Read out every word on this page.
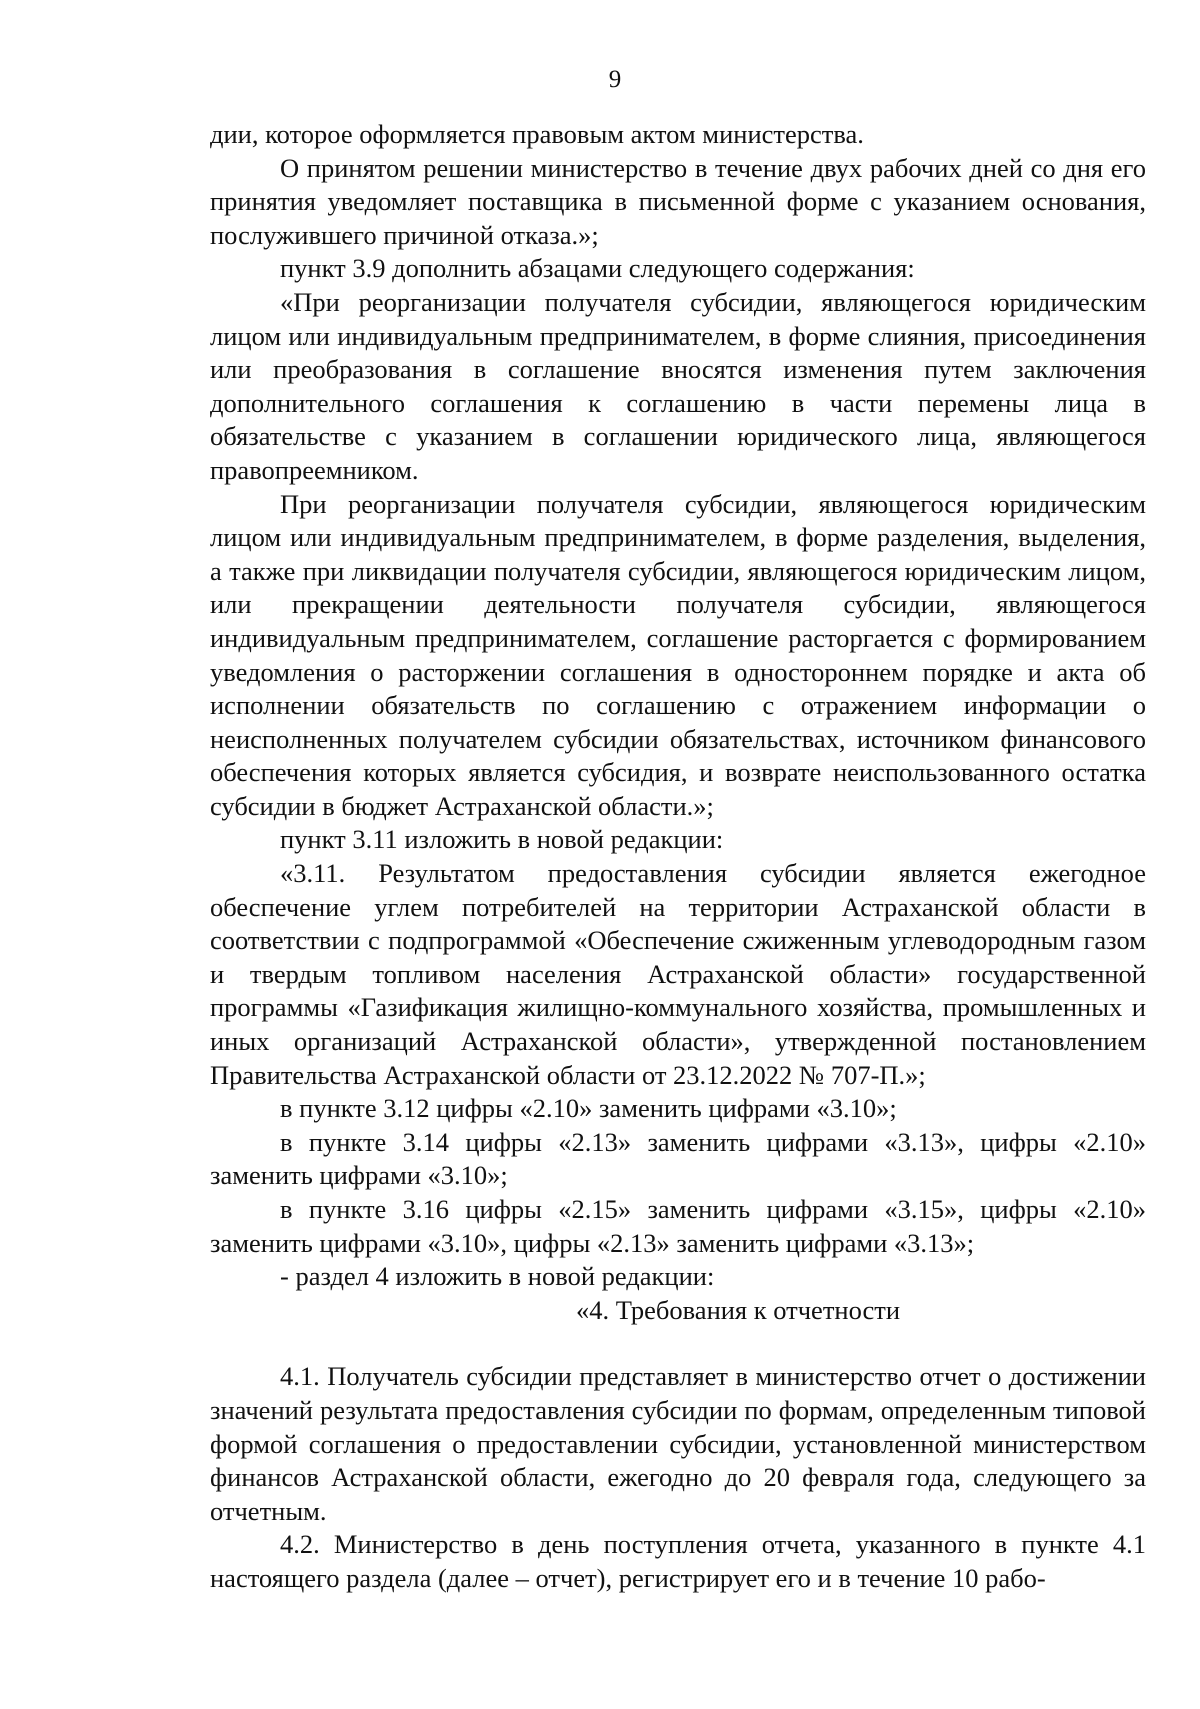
9

дии, которое оформляется правовым актом министерства.

О принятом решении министерство в течение двух рабочих дней со дня его принятия уведомляет поставщика в письменной форме с указанием основания, послужившего причиной отказа.»;

пункт 3.9 дополнить абзацами следующего содержания:

«При реорганизации получателя субсидии, являющегося юридическим лицом или индивидуальным предпринимателем, в форме слияния, присоединения или преобразования в соглашение вносятся изменения путем заключения дополнительного соглашения к соглашению в части перемены лица в обязательстве с указанием в соглашении юридического лица, являющегося правопреемником.

При реорганизации получателя субсидии, являющегося юридическим лицом или индивидуальным предпринимателем, в форме разделения, выделения, а также при ликвидации получателя субсидии, являющегося юридическим лицом, или прекращении деятельности получателя субсидии, являющегося индивидуальным предпринимателем, соглашение расторгается с формированием уведомления о расторжении соглашения в одностороннем порядке и акта об исполнении обязательств по соглашению с отражением информации о неисполненных получателем субсидии обязательствах, источником финансового обеспечения которых является субсидия, и возврате неиспользованного остатка субсидии в бюджет Астраханской области.»;

пункт 3.11 изложить в новой редакции:

«3.11. Результатом предоставления субсидии является ежегодное обеспечение углем потребителей на территории Астраханской области в соответствии с подпрограммой «Обеспечение сжиженным углеводородным газом и твердым топливом населения Астраханской области» государственной программы «Газификация жилищно-коммунального хозяйства, промышленных и иных организаций Астраханской области», утвержденной постановлением Правительства Астраханской области от 23.12.2022 № 707-П.»;

в пункте 3.12 цифры «2.10» заменить цифрами «3.10»;

в пункте 3.14 цифры «2.13» заменить цифрами «3.13», цифры «2.10» заменить цифрами «3.10»;

в пункте 3.16 цифры «2.15» заменить цифрами «3.15», цифры «2.10» заменить цифрами «3.10», цифры «2.13» заменить цифрами «3.13»;

- раздел 4 изложить в новой редакции:

«4. Требования к отчетности

4.1. Получатель субсидии представляет в министерство отчет о достижении значений результата предоставления субсидии по формам, определенным типовой формой соглашения о предоставлении субсидии, установленной министерством финансов Астраханской области, ежегодно до 20 февраля года, следующего за отчетным.

4.2. Министерство в день поступления отчета, указанного в пункте 4.1 настоящего раздела (далее – отчет), регистрирует его и в течение 10 рабо-
